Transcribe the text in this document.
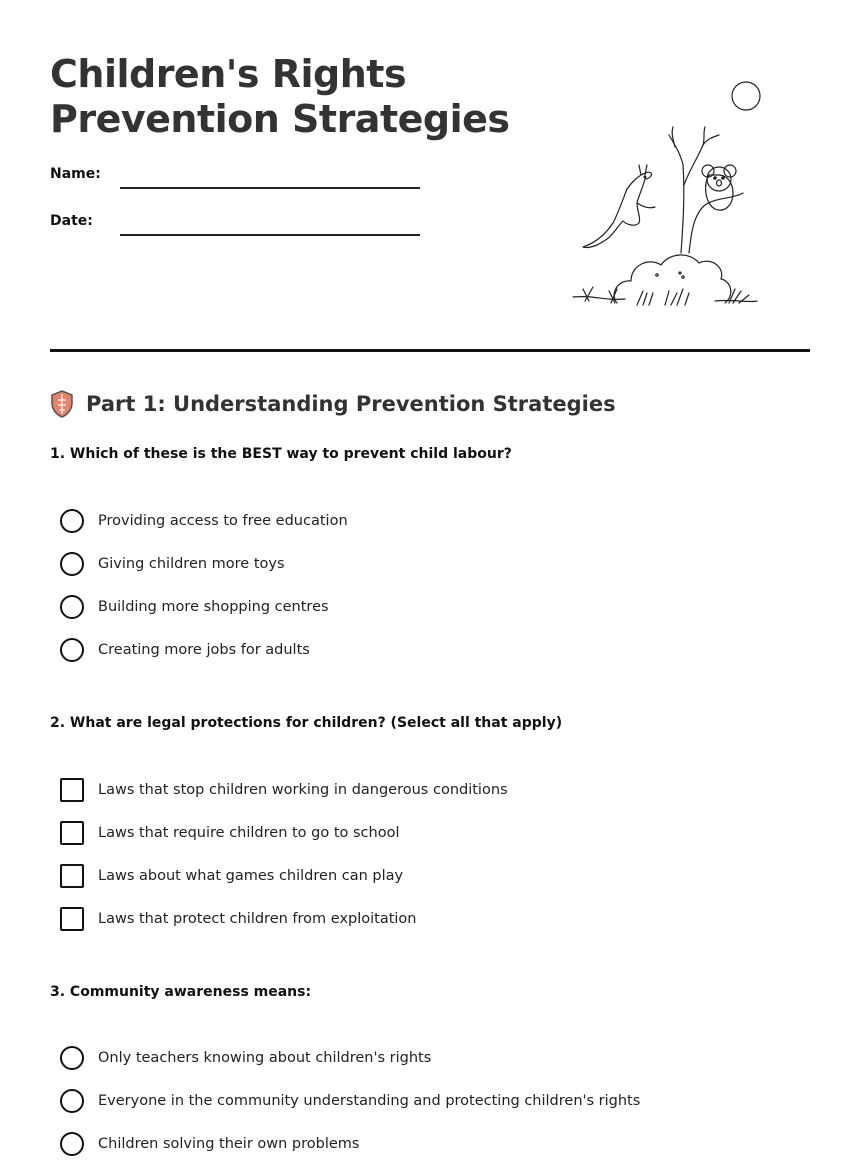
Children's Rights
Prevention Strategies
Name:
Date:
Part 1: Understanding Prevention Strategies
1. Which of these is the BEST way to prevent child labour?
Providing access to free education
Giving children more toys
Building more shopping centres
Creating more jobs for adults
2. What are legal protections for children? (Select all that apply)
Laws that stop children working in dangerous conditions
Laws that require children to go to school
Laws about what games children can play
Laws that protect children from exploitation
3. Community awareness means:
Only teachers knowing about children's rights
Everyone in the community understanding and protecting children's rights
Children solving their own problems
